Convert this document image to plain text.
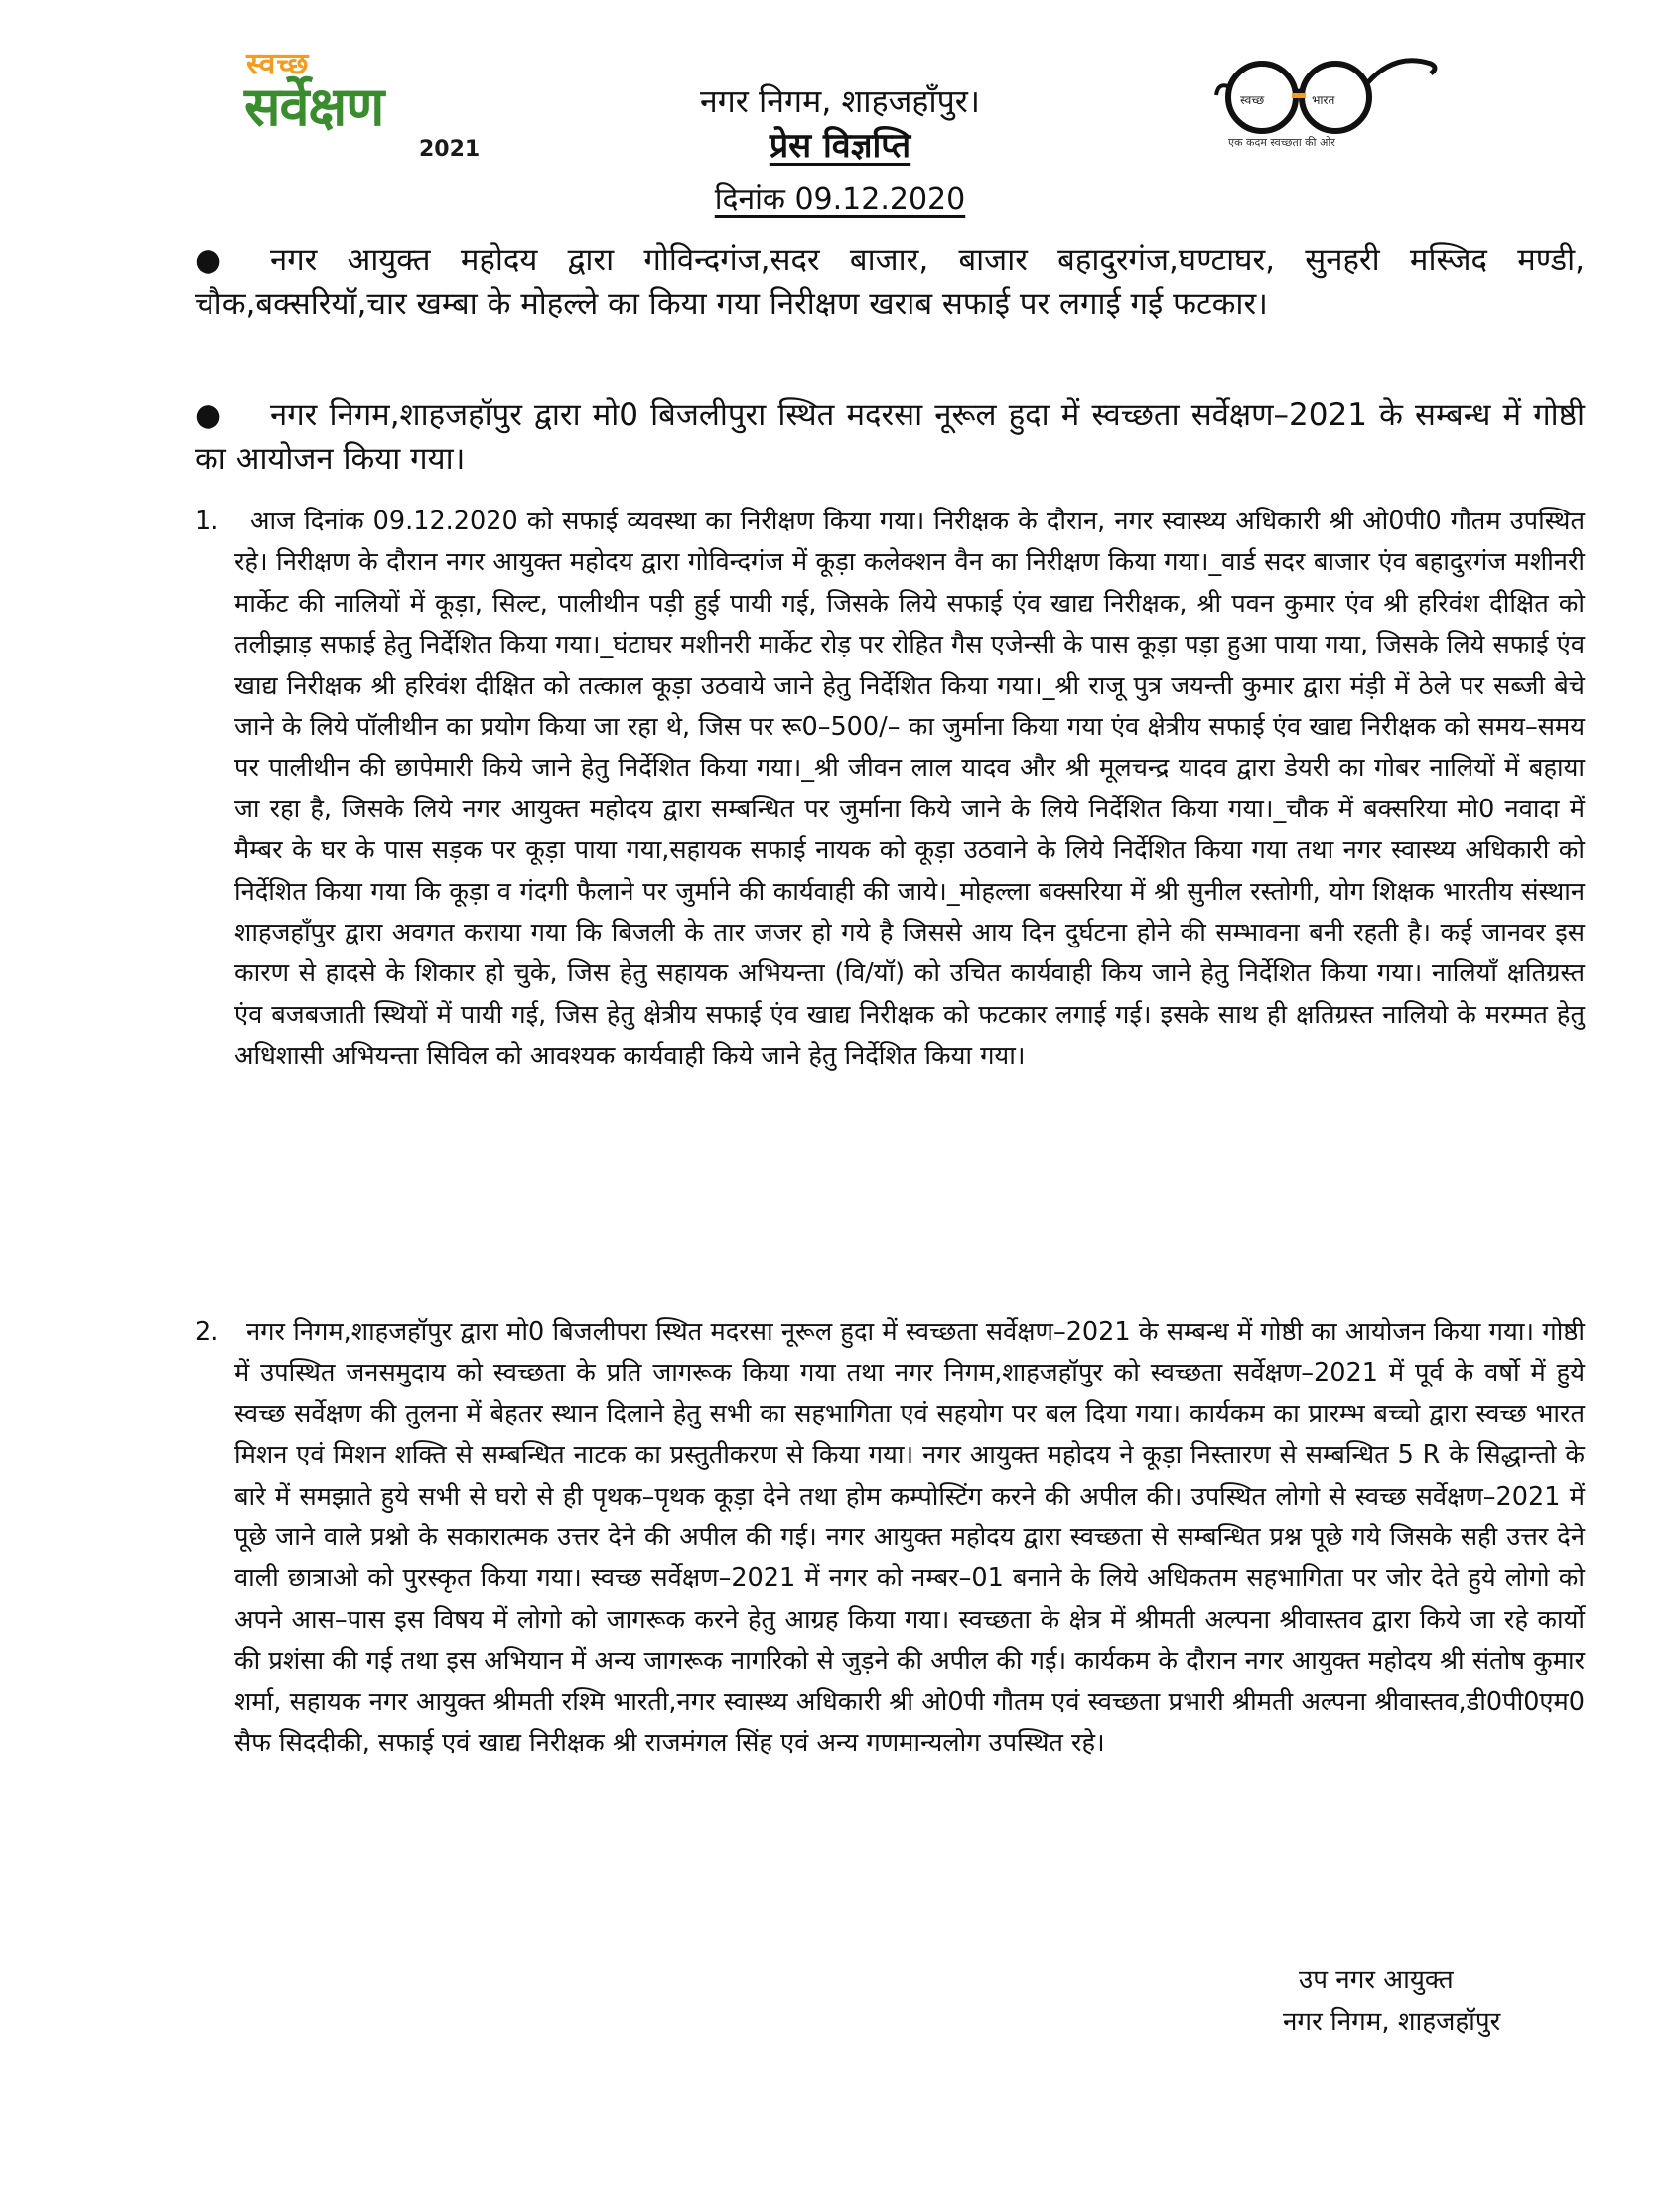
स्वच्छ
सर्वेक्षण
2021
स्वच्छ	भारत
एक कदम स्वच्छता की ओर
नगर निगम, शाहजहाँपुर।
प्रेस विज्ञप्ति
दिनांक 09.12.2020
● नगर आयुक्त महोदय द्वारा गोविन्दगंज,सदर बाजार, बाजार बहादुरगंज,घण्टाघर, सुनहरी मस्जिद मण्डी, चौक,बक्सरियॉ,चार खम्बा के मोहल्ले का किया गया निरीक्षण खराब सफाई पर लगाई गई फटकार।
● नगर निगम,शाहजहॉपुर द्वारा मो0 बिजलीपुरा स्थित मदरसा नूरूल हुदा में स्वच्छता सर्वेक्षण–2021 के सम्बन्ध में गोष्ठी का आयोजन किया गया।
1.	आज दिनांक 09.12.2020 को सफाई व्यवस्था का निरीक्षण किया गया। निरीक्षक के दौरान, नगर स्वास्थ्य अधिकारी श्री ओ0पी0 गौतम उपस्थित रहे। निरीक्षण के दौरान नगर आयुक्त महोदय द्वारा गोविन्दगंज में कूड़ा कलेक्शन वैन का निरीक्षण किया गया।_वार्ड सदर बाजार एंव बहादुरगंज मशीनरी मार्केट की नालियों में कूड़ा, सिल्ट, पालीथीन पड़ी हुई पायी गई, जिसके लिये सफाई एंव खाद्य निरीक्षक, श्री पवन कुमार एंव श्री हरिवंश दीक्षित को तलीझाड़ सफाई हेतु निर्देशित किया गया।_घंटाघर मशीनरी मार्केट रोड़ पर रोहित गैस एजेन्सी के पास कूड़ा पड़ा हुआ पाया गया, जिसके लिये सफाई एंव खाद्य निरीक्षक श्री हरिवंश दीक्षित को तत्काल कूड़ा उठवाये जाने हेतु निर्देशित किया गया।_श्री राजू पुत्र जयन्ती कुमार द्वारा मंड़ी में ठेले पर सब्जी बेचे जाने के लिये पॉलीथीन का प्रयोग किया जा रहा थे, जिस पर रू0–500/– का जुर्माना किया गया एंव क्षेत्रीय सफाई एंव खाद्य निरीक्षक को समय–समय पर पालीथीन की छापेमारी किये जाने हेतु निर्देशित किया गया।_श्री जीवन लाल यादव और श्री मूलचन्द्र यादव द्वारा डेयरी का गोबर नालियों में बहाया जा रहा है, जिसके लिये नगर आयुक्त महोदय द्वारा सम्बन्धित पर जुर्माना किये जाने के लिये निर्देशित किया गया।_चौक में बक्सरिया मो0 नवादा में मैम्बर के घर के पास सड़क पर कूड़ा पाया गया,सहायक सफाई नायक को कूड़ा उठवाने के लिये निर्देशित किया गया तथा नगर स्वास्थ्य अधिकारी को निर्देशित किया गया कि कूड़ा व गंदगी फैलाने पर जुर्माने की कार्यवाही की जाये।_मोहल्ला बक्सरिया में श्री सुनील रस्तोगी, योग शिक्षक भारतीय संस्थान शाहजहाँपुर द्वारा अवगत कराया गया कि बिजली के तार जजर हो गये है जिससे आय दिन दुर्घटना होने की सम्भावना बनी रहती है। कई जानवर इस कारण से हादसे के शिकार हो चुके, जिस हेतु सहायक अभियन्ता (वि/यॉ) को उचित कार्यवाही किय जाने हेतु निर्देशित किया गया। नालियाँ क्षतिग्रस्त एंव बजबजाती स्थियों में पायी गई, जिस हेतु क्षेत्रीय सफाई एंव खाद्य निरीक्षक को फटकार लगाई गई। इसके साथ ही क्षतिग्रस्त नालियो के मरम्मत हेतु अधिशासी अभियन्ता सिविल को आवश्यक कार्यवाही किये जाने हेतु निर्देशित किया गया।
2.	नगर निगम,शाहजहॉपुर द्वारा मो0 बिजलीपरा स्थित मदरसा नूरूल हुदा में स्वच्छता सर्वेक्षण–2021 के सम्बन्ध में गोष्ठी का आयोजन किया गया। गोष्ठी में उपस्थित जनसमुदाय को स्वच्छता के प्रति जागरूक किया गया तथा नगर निगम,शाहजहॉपुर को स्वच्छता सर्वेक्षण–2021 में पूर्व के वर्षो में हुये स्वच्छ सर्वेक्षण की तुलना में बेहतर स्थान दिलाने हेतु सभी का सहभागिता एवं सहयोग पर बल दिया गया। कार्यकम का प्रारम्भ बच्चो द्वारा स्वच्छ भारत मिशन एवं मिशन शक्ति से सम्बन्धित नाटक का प्रस्तुतीकरण से किया गया। नगर आयुक्त महोदय ने कूड़ा निस्तारण से सम्बन्धित 5 R के सिद्धान्तो के बारे में समझाते हुये सभी से घरो से ही पृथक–पृथक कूड़ा देने तथा होम कम्पोस्टिंग करने की अपील की। उपस्थित लोगो से स्वच्छ सर्वेक्षण–2021 में पूछे जाने वाले प्रश्नो के सकारात्मक उत्तर देने की अपील की गई। नगर आयुक्त महोदय द्वारा स्वच्छता से सम्बन्धित प्रश्न पूछे गये जिसके सही उत्तर देने वाली छात्राओ को पुरस्कृत किया गया। स्वच्छ सर्वेक्षण–2021 में नगर को नम्बर–01 बनाने के लिये अधिकतम सहभागिता पर जोर देते हुये लोगो को अपने आस–पास इस विषय में लोगो को जागरूक करने हेतु आग्रह किया गया। स्वच्छता के क्षेत्र में श्रीमती अल्पना श्रीवास्तव द्वारा किये जा रहे कार्यो की प्रशंसा की गई तथा इस अभियान में अन्य जागरूक नागरिको से जुड़ने की अपील की गई। कार्यकम के दौरान नगर आयुक्त महोदय श्री संतोष कुमार शर्मा, सहायक नगर आयुक्त श्रीमती रश्मि भारती,नगर स्वास्थ्य अधिकारी श्री ओ0पी गौतम एवं स्वच्छता प्रभारी श्रीमती अल्पना श्रीवास्तव,डी0पी0एम0 सैफ सिददीकी, सफाई एवं खाद्य निरीक्षक श्री राजमंगल सिंह एवं अन्य गणमान्यलोग उपस्थित रहे।
उप नगर आयुक्त
नगर निगम, शाहजहॉपुर
